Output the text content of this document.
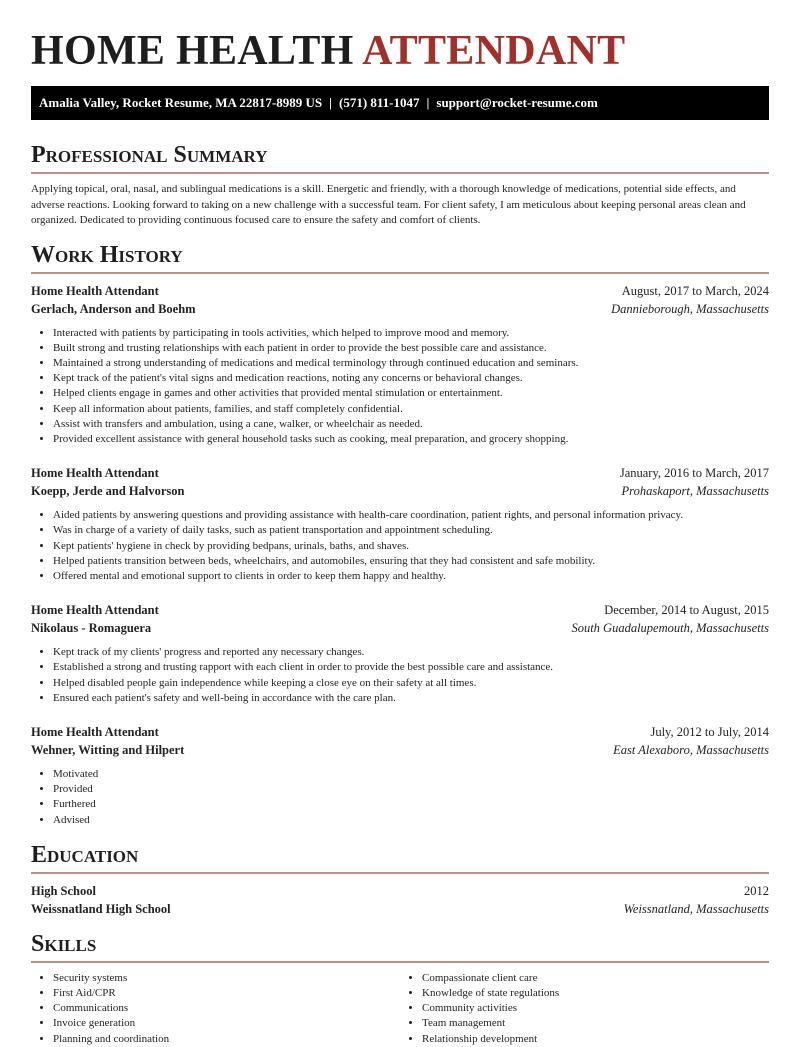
HOME HEALTH ATTENDANT
Amalia Valley, Rocket Resume, MA 22817-8989 US | (571) 811-1047 | support@rocket-resume.com
Professional Summary

Applying topical, oral, nasal, and sublingual medications is a skill. Energetic and friendly, with a thorough knowledge of medications, potential side effects, and adverse reactions. Looking forward to taking on a new challenge with a successful team. For client safety, I am meticulous about keeping personal areas clean and organized. Dedicated to providing continuous focused care to ensure the safety and comfort of clients.

Work History
Home Health Attendant	August, 2017 to March, 2024
Gerlach, Anderson and Boehm	Dannieborough, Massachusetts
• Interacted with patients by participating in tools activities, which helped to improve mood and memory.
• Built strong and trusting relationships with each patient in order to provide the best possible care and assistance.
• Maintained a strong understanding of medications and medical terminology through continued education and seminars.
• Kept track of the patient's vital signs and medication reactions, noting any concerns or behavioral changes.
• Helped clients engage in games and other activities that provided mental stimulation or entertainment.
• Keep all information about patients, families, and staff completely confidential.
• Assist with transfers and ambulation, using a cane, walker, or wheelchair as needed.
• Provided excellent assistance with general household tasks such as cooking, meal preparation, and grocery shopping.
Home Health Attendant	January, 2016 to March, 2017
Koepp, Jerde and Halvorson	Prohaskaport, Massachusetts
• Aided patients by answering questions and providing assistance with health-care coordination, patient rights, and personal information privacy.
• Was in charge of a variety of daily tasks, such as patient transportation and appointment scheduling.
• Kept patients' hygiene in check by providing bedpans, urinals, baths, and shaves.
• Helped patients transition between beds, wheelchairs, and automobiles, ensuring that they had consistent and safe mobility.
• Offered mental and emotional support to clients in order to keep them happy and healthy.
Home Health Attendant	December, 2014 to August, 2015
Nikolaus - Romaguera	South Guadalupemouth, Massachusetts
• Kept track of my clients' progress and reported any necessary changes.
• Established a strong and trusting rapport with each client in order to provide the best possible care and assistance.
• Helped disabled people gain independence while keeping a close eye on their safety at all times.
• Ensured each patient's safety and well-being in accordance with the care plan.
Home Health Attendant	July, 2012 to July, 2014
Wehner, Witting and Hilpert	East Alexaboro, Massachusetts
• Motivated
• Provided
• Furthered
• Advised
Education
High School	2012
Weissnatland High School	Weissnatland, Massachusetts
Skills
• Security systems
• First Aid/CPR
• Communications
• Invoice generation
• Planning and coordination
• Compassionate client care
• Knowledge of state regulations
• Community activities
• Team management
• Relationship development
